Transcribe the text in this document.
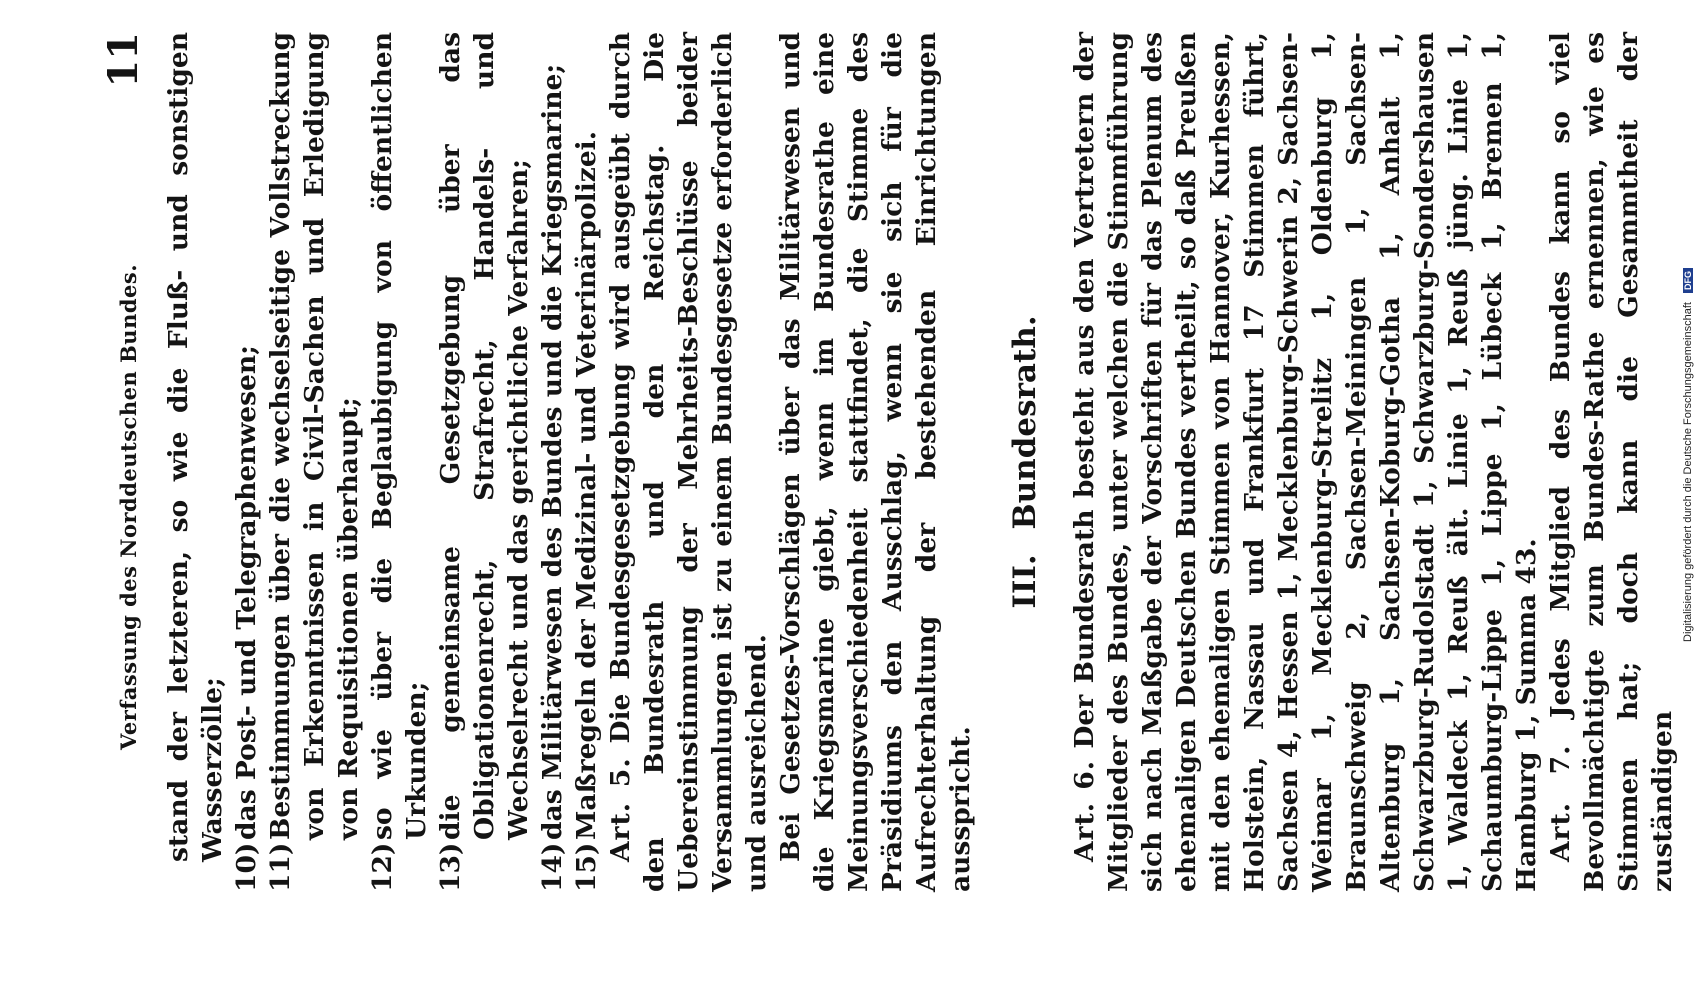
Verfassung des Norddeutschen Bundes.
11 stand der letzteren, so wie die Fluß- und sonstigen Wasserzölle;

10)
das Post- und Telegraphenwesen;
11)
Bestimmungen über die wechselseitige Vollstreckung von Erkenntnissen in Civil-Sachen und Erledigung von Requisitionen überhaupt;
12)
so wie über die Beglaubigung von öffentlichen Urkunden;
13)
die gemeinsame Gesetzgebung über das Obligationenrecht, Strafrecht, Handels- und Wechselrecht und das gerichtliche Verfahren;
14)
das Militärwesen des Bundes und die Kriegsmarine;
15)
Maßregeln der Medizinal- und Veterinärpolizei. Art. 5. Die Bundesgesetzgebung wird ausgeübt durch den Bundesrath und den Reichstag. Die Uebereinstimmung der Mehrheits-Beschlüsse beider Versammlungen ist zu einem Bundesgesetze erforderlich und ausreichend. Bei Gesetzes-Vorschlägen über das Militärwesen und die Kriegsmarine giebt, wenn im Bundesrathe eine Meinungsverschiedenheit stattfindet, die Stimme des Präsidiums den Ausschlag, wenn sie sich für die Aufrechterhaltung der bestehenden Einrichtungen ausspricht.

III. Bundesrath.

Art. 6. Der Bundesrath besteht aus den Vertretern der Mitglieder des Bundes, unter welchen die Stimmführung sich nach Maßgabe der Vorschriften für das Plenum des ehemaligen Deutschen Bundes vertheilt, so daß Preußen mit den ehemaligen Stimmen von Hannover, Kurhessen, Holstein, Nassau und Frankfurt 17 Stimmen führt, Sachsen 4, Hessen 1, Mecklenburg-Schwerin 2, Sachsen-Weimar 1, Mecklenburg-Strelitz 1, Oldenburg 1, Braunschweig 2, Sachsen-Meiningen 1, Sachsen-Altenburg 1, Sachsen-Koburg-Gotha 1, Anhalt 1, Schwarzburg-Rudolstadt 1, Schwarzburg-Sondershausen 1, Waldeck 1, Reuß ält. Linie 1, Reuß jüng. Linie 1, Schaumburg-Lippe 1, Lippe 1, Lübeck 1, Bremen 1, Hamburg 1, Summa 43. Art. 7. Jedes Mitglied des Bundes kann so viel Bevollmächtigte zum Bundes-Rathe ernennen, wie es Stimmen hat; doch kann die Gesammtheit der zuständigen

Digitalisierung gefördert durch die Deutsche Forschungsgemeinschaft DFG
